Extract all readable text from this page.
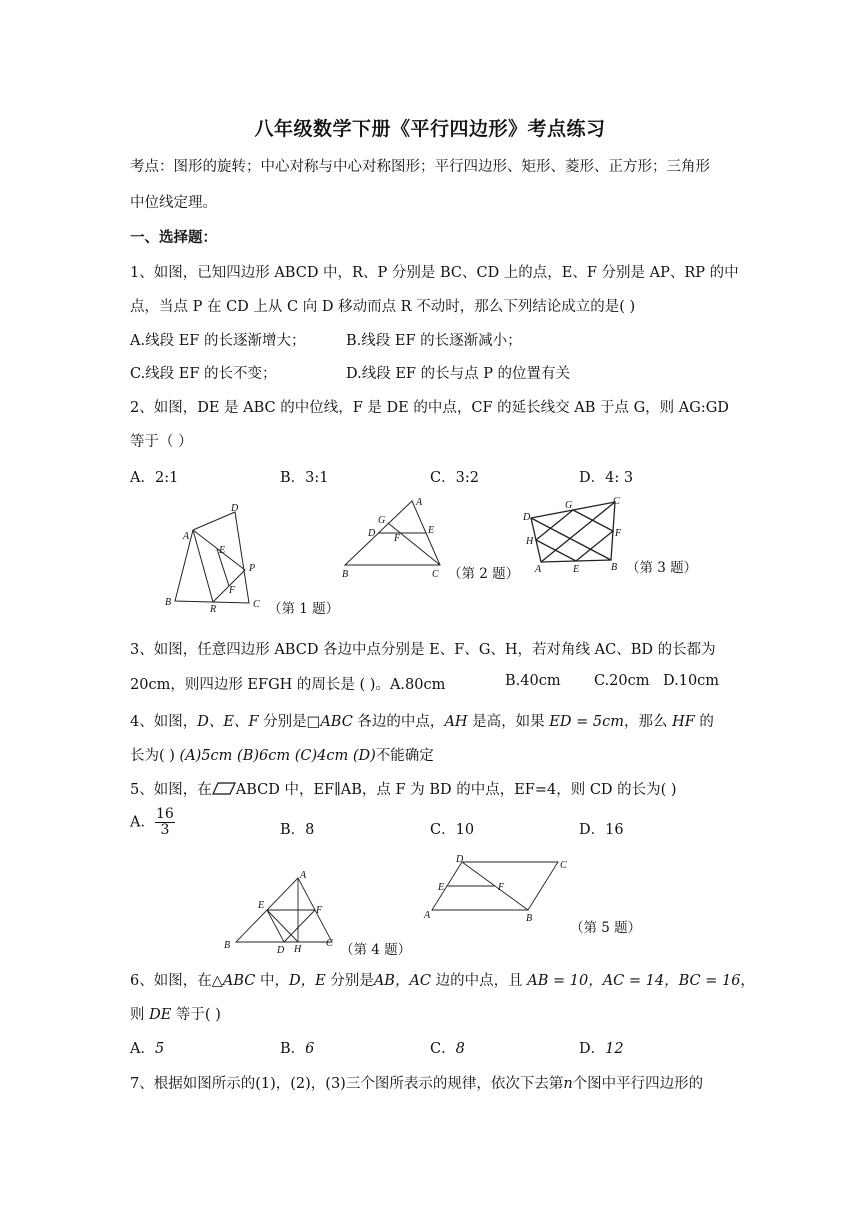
八年级数学下册《平行四边形》考点练习
考点：图形的旋转；中心对称与中心对称图形；平行四边形、矩形、菱形、正方形；三角形
中位线定理。
一、选择题：
1、如图，已知四边形 ABCD 中，R、P 分别是 BC、CD 上的点，E、F 分别是 AP、RP 的中
点，当点 P 在 CD 上从 C 向 D 移动而点 R 不动时，那么下列结论成立的是( )
A.线段 EF 的长逐渐增大；	B.线段 EF 的长逐渐减小；
C.线段 EF 的长不变；	D.线段 EF 的长与点 P 的位置有关
2、如图，DE 是 ABC 的中位线，F 是 DE 的中点，CF 的延长线交 AB 于点 G，则 AG:GD
等于（ ）
A．2:1	B．3:1	C．3:2	D．4: 3
D
A
E
P
F
B
R	C （第 1 题）
A
G
D F
E
B	C （第 2 题）
D
G	C
H
F
A	E	B （第 3 题）
3、如图，任意四边形 ABCD 各边中点分别是 E、F、G、H，若对角线 AC、BD 的长都为
20cm，则四边形 EFGH 的周长是 ( )。A.80cm	B.40cm C.20cm D.10cm
4、如图，D、E、F 分别是□ABC 各边的中点，AH 是高，如果 ED = 5cm，那么 HF 的
长为( ) (A)5cm (B)6cm (C)4cm (D)不能确定
5、如图，在 ABCD 中，EF∥AB，点 F 为 BD 的中点，EF=4，则 CD 的长为( )
A． $\frac{16}{3}$	B．8	C．10	D．16
A
E	F
B	D H
C （第 4 题）
D
C
E	F
A	B
（第 5 题）
6、如图，在△ABC 中，D，E 分别是AB，AC 边的中点，且 AB = 10，AC = 14，BC = 16，
则 DE 等于( )
A．5	B．6	C．8	D．12
7、根据如图所示的(1)，(2)，(3)三个图所表示的规律，依次下去第n个图中平行四边形的
